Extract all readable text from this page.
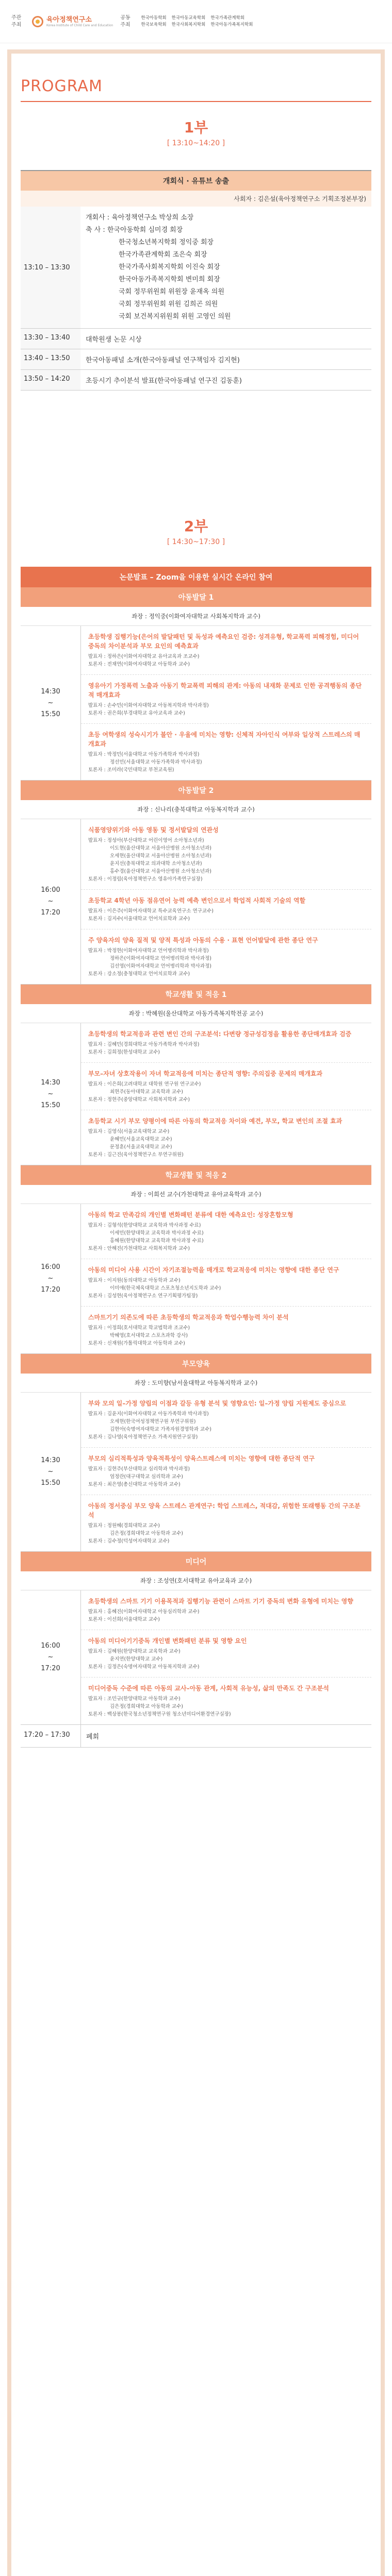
주관
주최
육아정책연구소
Korea Institute of Child Care and Education
공동
주최
한국아동학회 한국아동교육학회 한국가족관계학회
한국보육학회 한국사회복지학회 한국아동가족복지학회
PROGRAM
1부
[ 13:10~14:20 ]
개회식 · 유튜브 송출
사회자 : 김은설(육아정책연구소 기획조정본부장)
13:10 – 13:30
개회사 : 육아정책연구소 박상희 소장
축 사 : 한국아동학회 심미경 회장
한국청소년복지학회 정익중 회장
한국가족관계학회 조은숙 회장
한국가족사회복지학회 이진숙 회장
한국아동가족복지학회 변미희 회장
국회 정무위원회 위원장 윤재옥 의원
국회 정무위원회 위원 김희곤 의원
국회 보건복지위원회 위원 고영인 의원
13:30 – 13:40	대학원생 논문 시상
13:40 – 13:50	한국아동패널 소개(한국아동패널 연구책임자 김지현)
13:50 – 14:20	초등시기 추이분석 발표(한국아동패널 연구진 김동훈)
2부
[ 14:30~17:30 ]
논문발표 – Zoom을 이용한 실시간 온라인 참여
아동발달 1
좌장 : 정익중(이화여자대학교 사회복지학과 교수)
14:30
~
15:50
초등학생 집행기능(은어의 발달패턴 및 독성과 예측요인 검증: 성격유형, 학교폭력 피해경험, 미디어중독의 차이분석과 부모 요인의 예측효과
발표자 : 정하은(이화여자대학교 유아교육과 조교수)
토론자 : 전채연(이화여자대학교 아동학과 교수)
영유아기 가정폭력 노출과 아동기 학교폭력 피해의 관계: 아동의 내재화 문제로 인한 공격행동의 종단적 매개효과
발표자 : 손수민(이화여자대학교 아동복지학과 박사과정)
토론자 : 권은희(부경대학교 유아교육과 교수)
초등 여학생의 성숙시기가 불안 · 우울에 미치는 영향: 신체적 자아인식 여부와 일상적 스트레스의 매개효과
발표자 : 박정민(서울대학교 아동가족학과 박사과정)
정선민(서울대학교 아동가족학과 박사과정)
토론자 : 조미라(국민대학교 부천교육원)
아동발달 2
좌장 : 신나리(충북대학교 아동복지학과 교수)
16:00
~
17:20
식품영양위기와 아동 영동 및 정서발달의 연관성
발표자 : 정성아(부산대학교 어린이영어 소아청소년과)
이도현(울산대학교 서울아산병원 소아청소년과)
오세현(울산대학교 서울아산병원 소아청소년과)
윤지선(충북대학교 의과대학 소아청소년과)
홍수경(울산대학교 서울아산병원 소아청소년과)
토론자 : 이정림(육아정책연구소 영유아가족연구실장)
초등학교 4학년 아동 점유연어 능력 예측 변인으로서 학업적 사회적 기술의 역할
발표자 : 이은주(이화여자대학교 특수교육연구소 연구교수)
토론자 : 김지수(서울대학교 언어치료학과 교수)
주 양육자의 양육 질적 및 양적 특성과 아동의 수용 · 표현 언어발달에 관한 종단 연구
발표자 : 박정현(이화여자대학교 언어병리학과 박사과정)
정하은(이화여자대학교 언어병리학과 박사과정)
김선영(이화여자대학교 언어병리학과 박사과정)
토론자 : 강소정(충청대학교 언어치료학과 교수)
학교생활 및 적응 1
좌장 : 박혜원(울산대학교 아동가족복지학전공 교수)
14:30
~
15:50
초등학생의 학교적응과 관련 변인 간의 구조분석: 다변량 정규성검정을 활용한 종단매개효과 검증
발표자 : 김혜민(경희대학교 아동가족학과 박사과정)
토론자 : 김희정(한성대학교 교수)
부모–자녀 상호작용이 자녀 학교적응에 미치는 종단적 영향: 주의집중 문제의 매개효과
발표자 : 이은희(고려대학교 대학원 연구원 연구교수)
최현주(동아대학교 교육학과 교수)
토론자 : 정현주(중앙대학교 사회복지학과 교수)
초등학교 시기 부모 양평이에 따른 아동의 학교적응 차이와 예견, 부모, 학교 변인의 조절 효과
발표자 : 김영식(서울교육대학교 교수)
윤혜민(서울교육대학교 교수)
문정훈(서울교육대학교 교수)
토론자 : 김근진(육아정책연구소 부연구위원)
학교생활 및 적응 2
좌장 : 이희선 교수(가천대학교 유아교육학과 교수)
16:00
~
17:20
아동의 학교 만족감의 개인별 변화패턴 분류에 대한 예측요인: 성장혼합모형
발표자 : 김형석(한양대학교 교육학과 박사과정 수료)
이세민(한양대학교 교육학과 박사과정 수료)
홍혜원(한양대학교 교육학과 박사과정 수료)
토론자 : 안해진(가천대학교 사회복지학과 교수)
아동의 미디어 사용 시간이 자기조절능력을 매개로 학교적응에 미치는 영향에 대한 종단 연구
발표자 : 이지원(동의대학교 아동학과 교수)
이미애(한국체육대학교 스포츠청소년지도학과 교수)
토론자 : 김성현(육아정책연구소 연구기획평가팀장)
스마트기기 의존도에 따른 초등학생의 학교적응과 학업수행능력 차이 분석
발표자 : 이정희(호서대학교 학교법학과 조교수)
박혜영(호서대학교 스포츠과학 강사)
토론자 : 신재원(가톨릭대학교 아동학과 교수)
부모양육
좌장 : 도미향(남서울대학교 아동복지학과 교수)
14:30
~
15:50
부와 모의 일–가정 양립의 이점과 갈등 유형 분석 및 영향요인: 일–가정 양립 지원제도 중심으로
발표자 : 김윤지(이화여자대학교 아동가족학과 박사과정)
오세현(한국여성정책연구원 부연구위원)
김현아(숙명여자대학교 가족자원경영학과 교수)
토론자 : 김나영(육아정책연구소 가족지원연구실장)
부모의 심리적특성과 양육적특성이 양육스트레스에 미치는 영향에 대한 종단적 연구
발표자 : 김현주(부산대학교 심리학과 박사과정)
엄정란(대구대학교 심리학과 교수)
토론자 : 최은영(총신대학교 아동학과 교수)
아동의 정서중심 부모 양육 스트레스 관계연구: 학업 스트레스, 적대감, 위험한 또래행동 간의 구조분석
발표자 : 정원혜(경희대학교 교수)
김은정(경희대학교 아동학과 교수)
토론자 : 김수정(덕성여자대학교 교수)
미디어
좌장 : 조성연(호서대학교 유아교육과 교수)
16:00
~
17:20
초등학생의 스마트 기기 이용목적과 집행기능 관련이 스마트 기기 중독의 변화 유형에 미치는 영향
발표자 : 홍혜진(이화여자대학교 아동심리학과 교수)
토론자 : 이선희(서울대학교 교수)
아동의 미디어기기중독 개인별 변화패턴 분류 및 영향 요인
발표자 : 김혜원(한양대학교 교육학과 교수)
윤지연(한양대학교 교수)
토론자 : 김정은(숙명여자대학교 아동복지학과 교수)
미디어중독 수준에 따른 아동의 교사–아동 관계, 사회적 유능성, 삶의 만족도 간 구조분석
발표자 : 조민규(한양대학교 아동학과 교수)
김은정(경희대학교 아동학과 교수)
토론자 : 백상봉(한국청소년정책연구원 청소년미디어환경연구실장)
17:20 – 17:30	폐회
